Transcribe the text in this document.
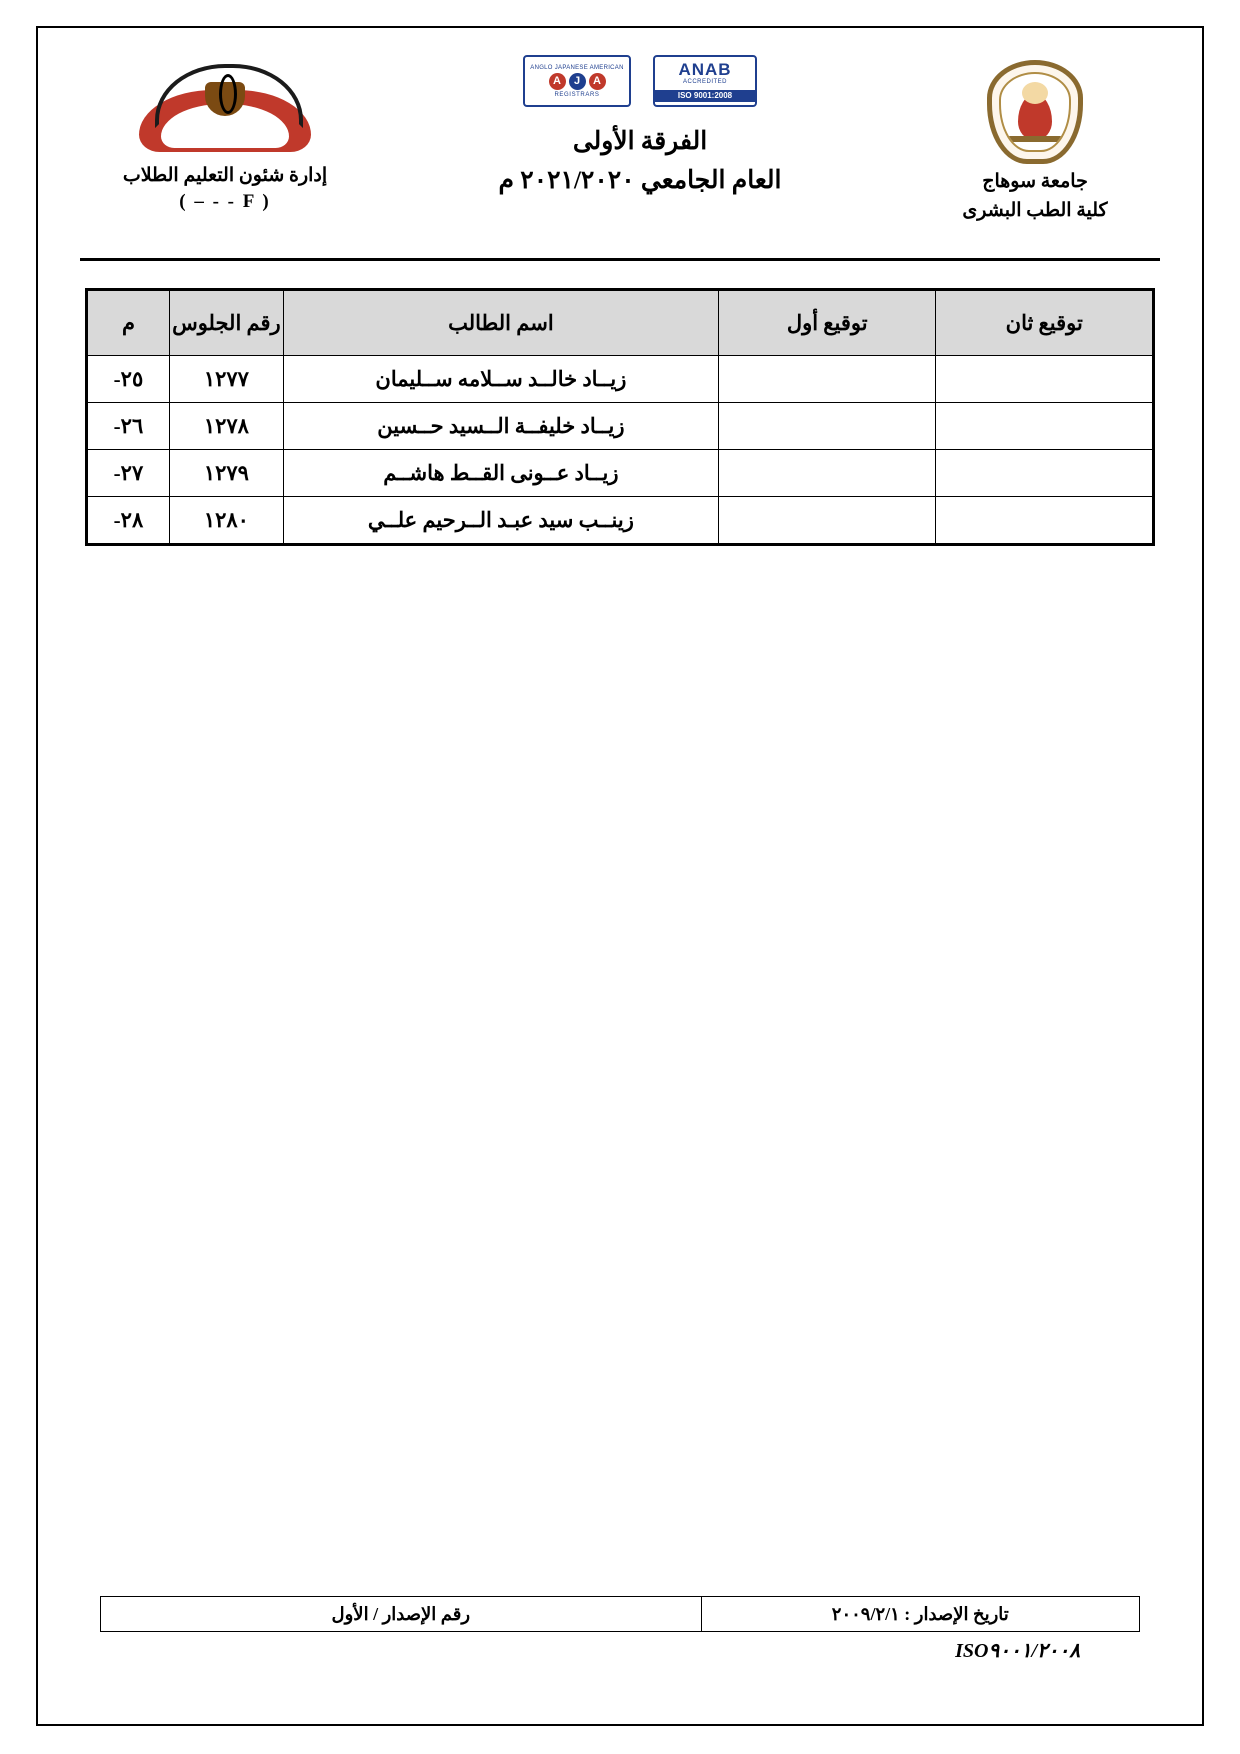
جامعة سوهاج
كلية الطب البشرى
ANAB
ACCREDITED
ISO 9001:2008
ANGLO JAPANESE AMERICAN
A
J
A
REGISTRARS
الفرقة الأولى
العام الجامعي ٢٠٢١/٢٠٢٠ م
كلية الطلاب
إدارة شئون التعليم الطلاب
( – - - F )
توقيع ثان	توقيع أول	اسم الطالب	رقم الجلوس	م
		زيــاد خالــد ســلامه ســليمان	١٢٧٧	٢٥-
		زيــاد خليفــة الــسيد حــسين	١٢٧٨	٢٦-
		زيــاد عــونى القــط هاشــم	١٢٧٩	٢٧-
		زينــب سيد عبـد الــرحيم علــي	١٢٨٠	٢٨-
تاريخ الإصدار : ٢٠٠٩/٢/١	رقم الإصدار / الأول
ISO٩٠٠١/٢٠٠٨
